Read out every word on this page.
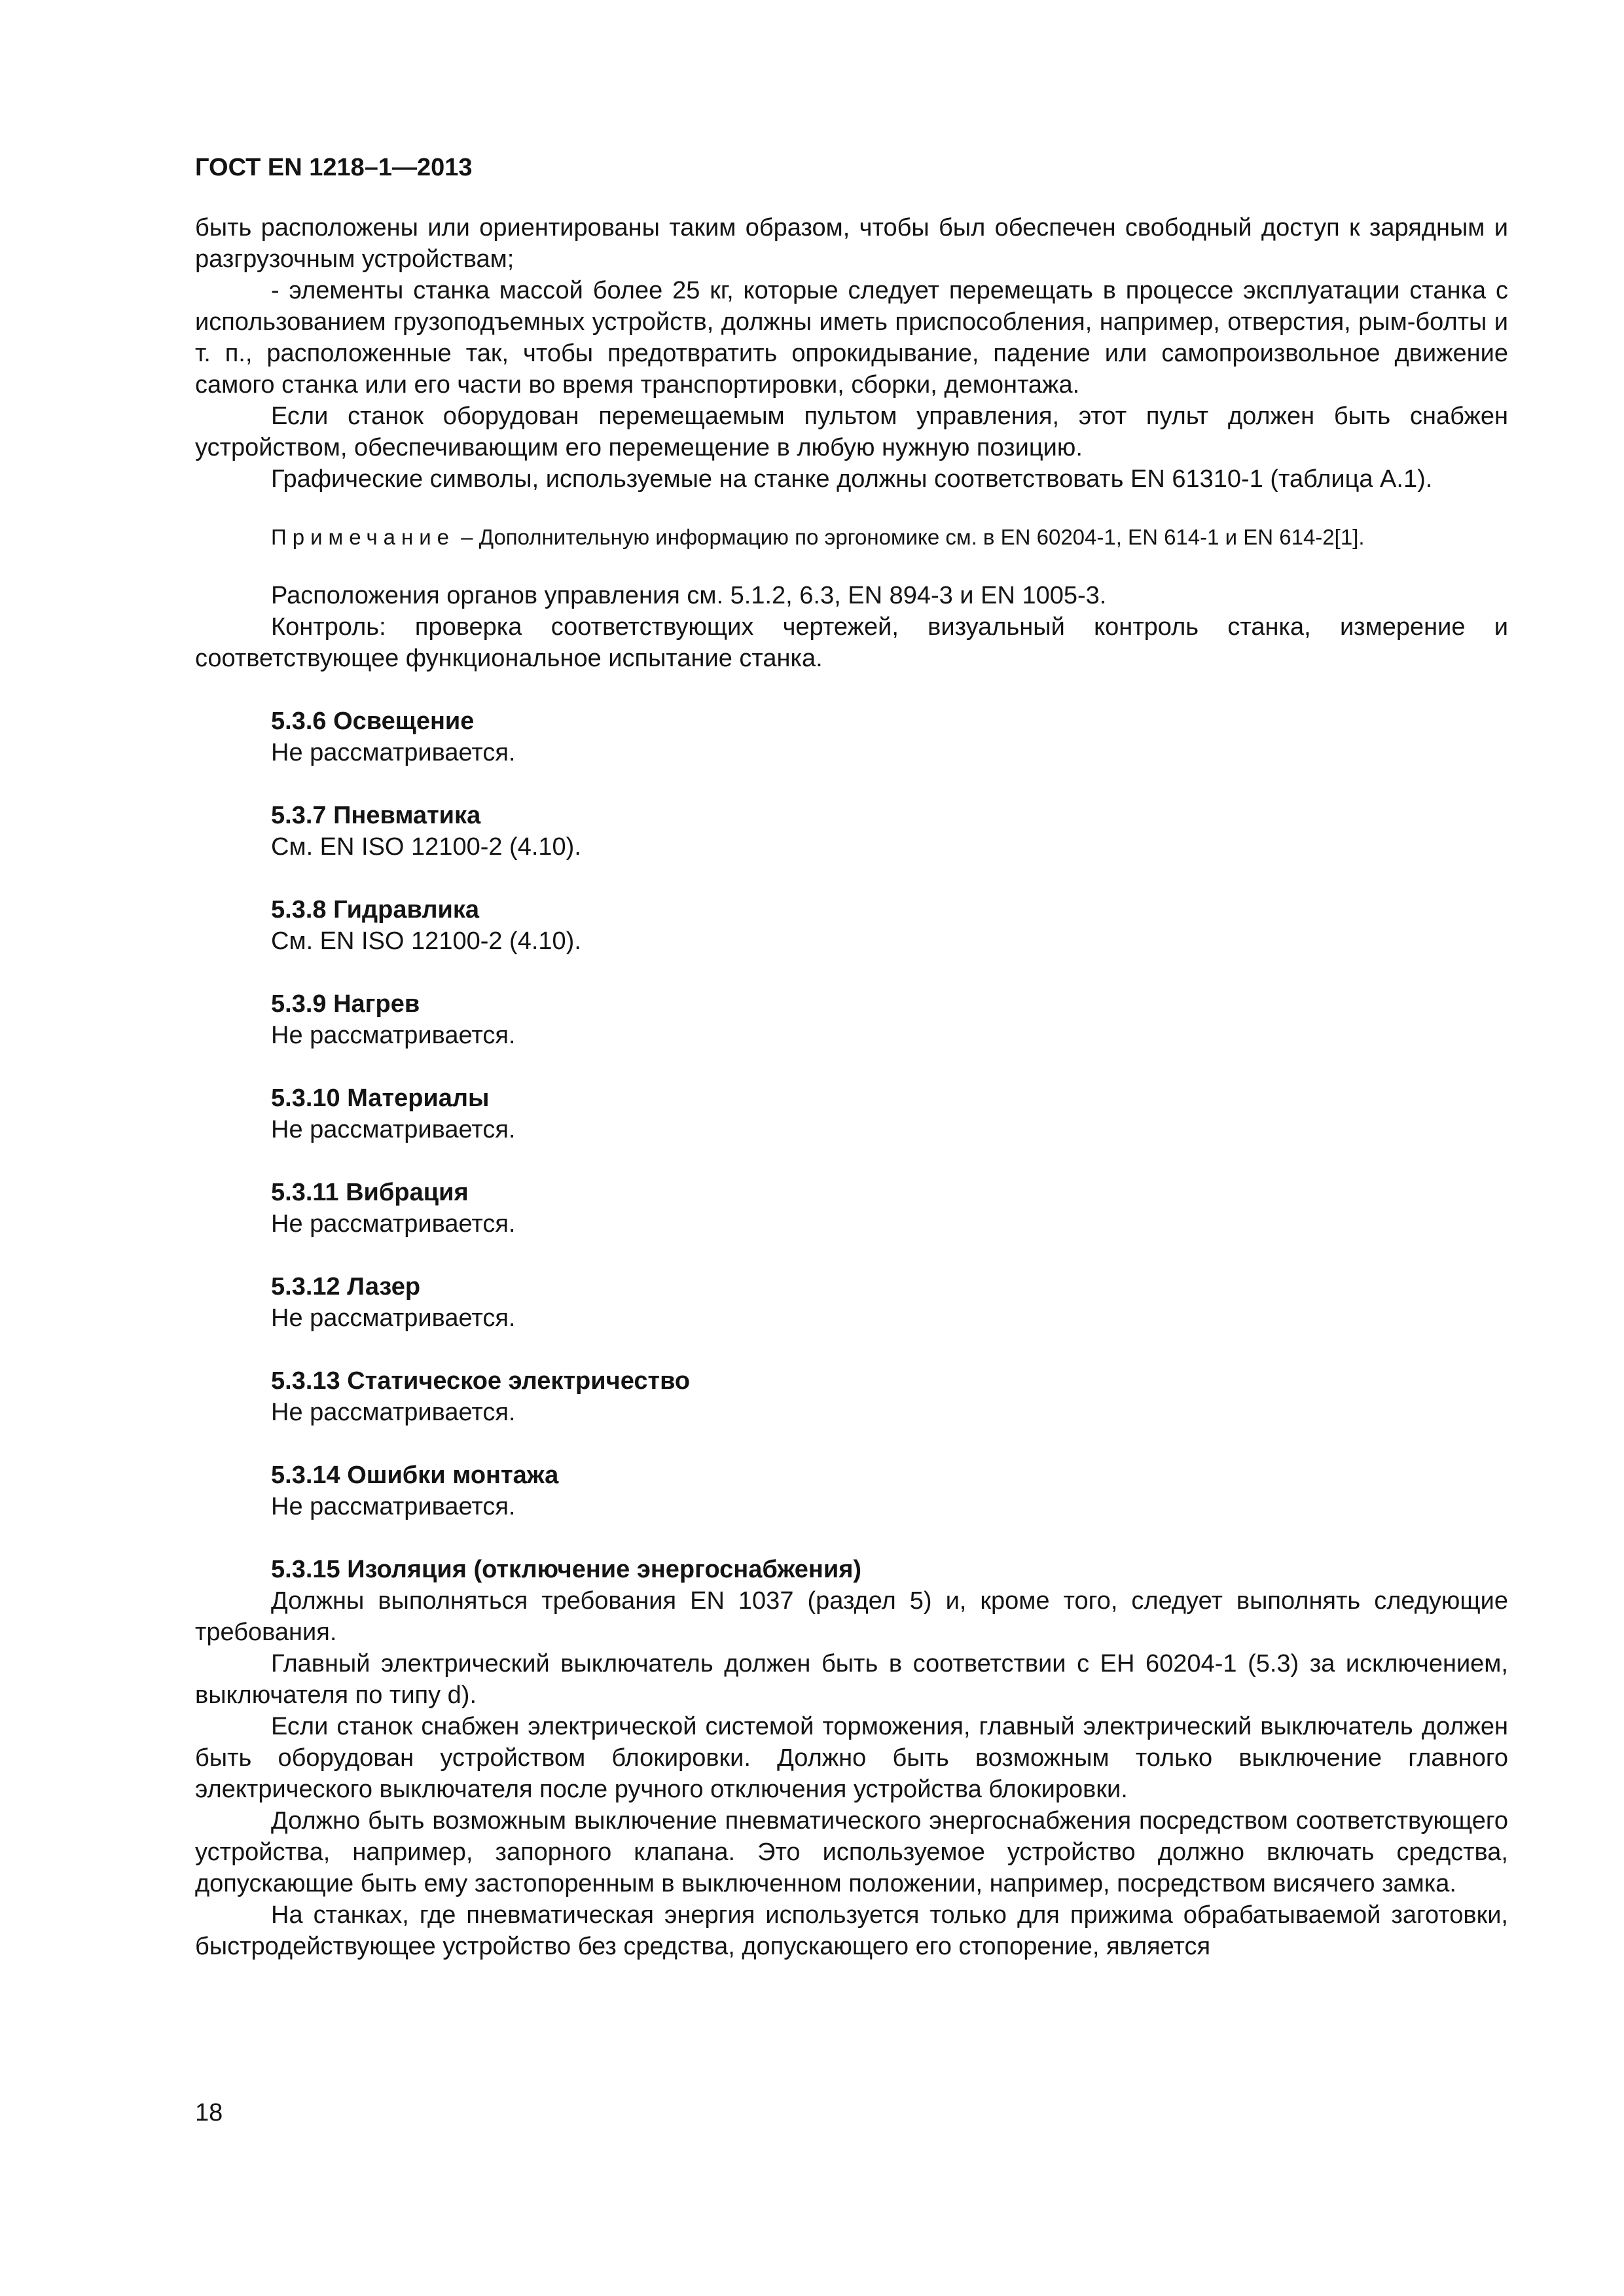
ГОСТ EN 1218–1—2013

быть расположены или ориентированы таким образом, чтобы был обеспечен свободный доступ к зарядным и разгрузочным устройствам;

- элементы станка массой более 25 кг, которые следует перемещать в процессе эксплуатации станка с использованием грузоподъемных устройств, должны иметь приспособления, например, отверстия, рым-болты и т. п., расположенные так, чтобы предотвратить опрокидывание, падение или самопроизвольное движение самого станка или его части во время транспортировки, сборки, демонтажа.

Если станок оборудован перемещаемым пультом управления, этот пульт должен быть снабжен устройством, обеспечивающим его перемещение в любую нужную позицию.

Графические символы, используемые на станке должны соответствовать EN 61310-1 (таблица А.1).

Примечание – Дополнительную информацию по эргономике см. в EN 60204-1, EN 614-1 и EN 614-2[1].

Расположения органов управления см. 5.1.2, 6.3, EN 894-3 и EN 1005-3.

Контроль: проверка соответствующих чертежей, визуальный контроль станка, измерение и соответствующее функциональное испытание станка.

5.3.6 Освещение

Не рассматривается.

5.3.7 Пневматика

См. EN ISO 12100-2 (4.10).

5.3.8 Гидравлика

См. EN ISO 12100-2 (4.10).

5.3.9 Нагрев

Не рассматривается.

5.3.10 Материалы

Не рассматривается.

5.3.11 Вибрация

Не рассматривается.

5.3.12 Лазер

Не рассматривается.

5.3.13 Статическое электричество

Не рассматривается.

5.3.14 Ошибки монтажа

Не рассматривается.

5.3.15 Изоляция (отключение энергоснабжения)

Должны выполняться требования EN 1037 (раздел 5) и, кроме того, следует выполнять следующие требования.

Главный электрический выключатель должен быть в соответствии с ЕН 60204-1 (5.3) за исключением, выключателя по типу d).

Если станок снабжен электрической системой торможения, главный электрический выключатель должен быть оборудован устройством блокировки. Должно быть возможным только выключение главного электрического выключателя после ручного отключения устройства блокировки.

Должно быть возможным выключение пневматического энергоснабжения посредством соответствующего устройства, например, запорного клапана. Это используемое устройство должно включать средства, допускающие быть ему застопоренным в выключенном положении, например, посредством висячего замка.

На станках, где пневматическая энергия используется только для прижима обрабатываемой заготовки, быстродействующее устройство без средства, допускающего его стопорение, является

18
